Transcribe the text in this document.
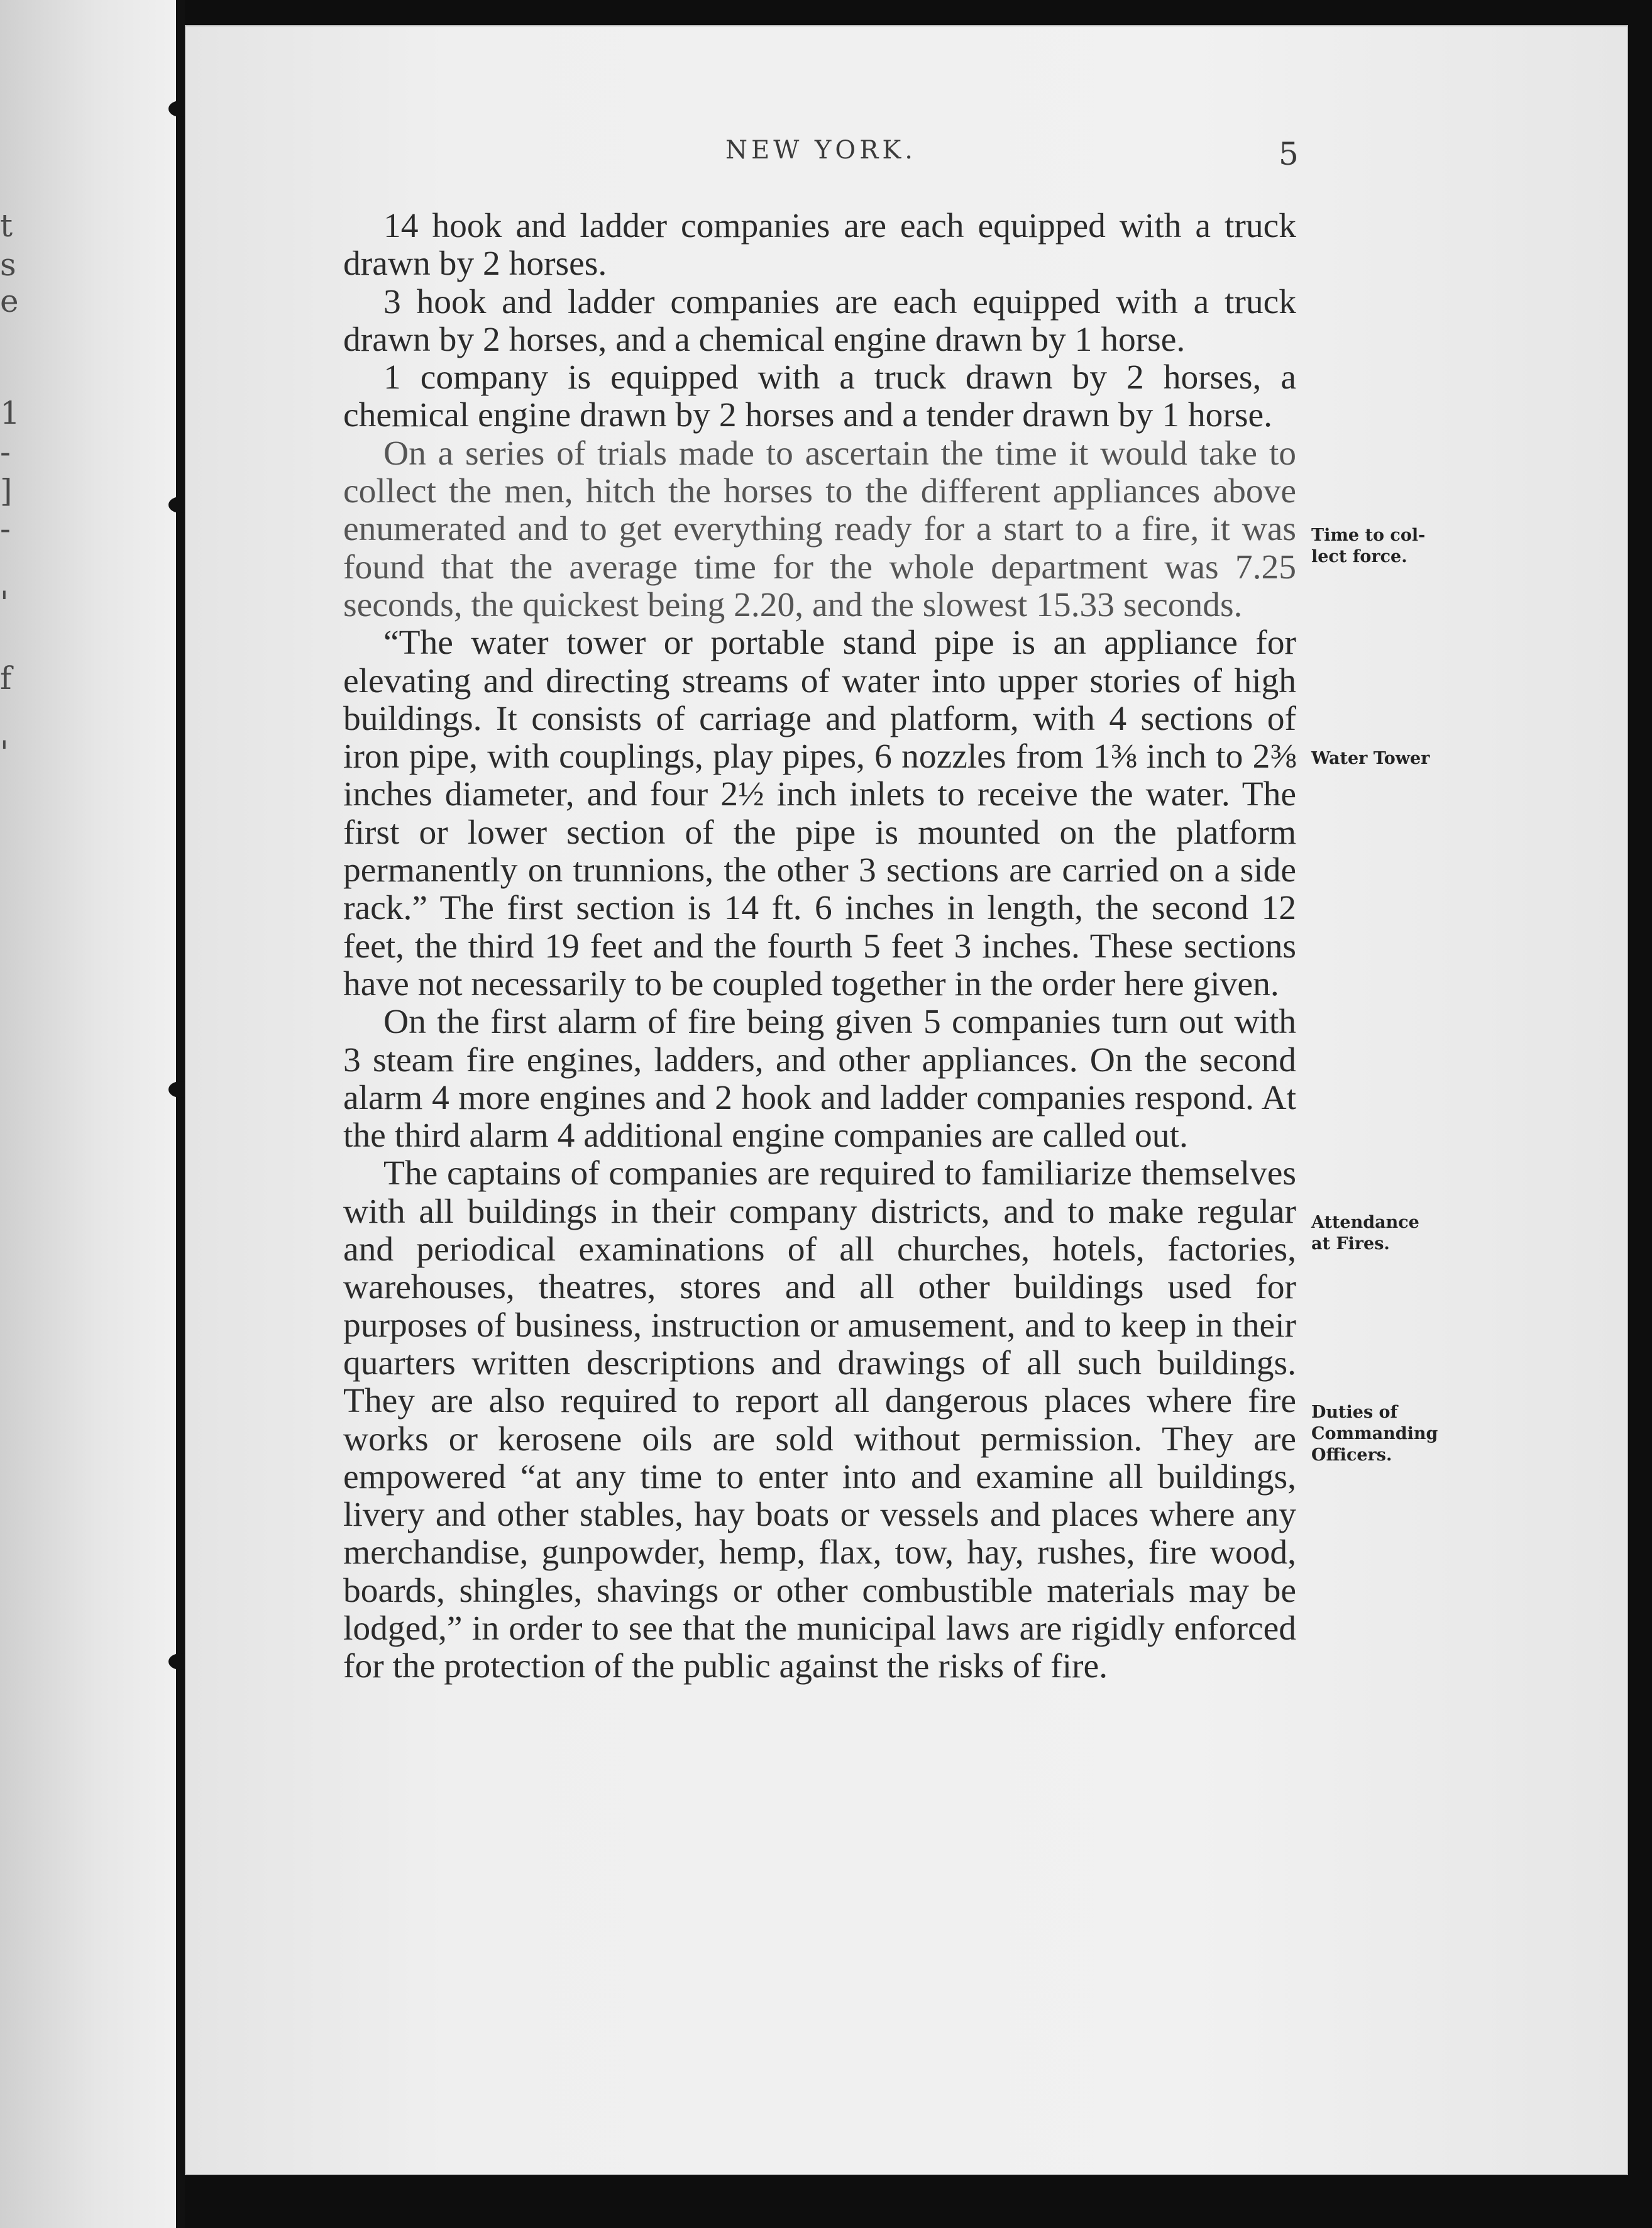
t
s
e
1
-
]
-
'
f
'
NEW YORK.	5

14 hook and ladder companies are each equipped with a truck drawn by 2 horses.

3 hook and ladder companies are each equipped with a truck drawn by 2 horses, and a chemical engine drawn by 1 horse.

1 company is equipped with a truck drawn by 2 horses, a chemical engine drawn by 2 horses and a tender drawn by 1 horse.

On a series of trials made to ascertain the time it would take to collect the men, hitch the horses to the different appliances above enumerated and to get everything ready for a start to a fire, it was found that the average time for the whole department was 7.25 seconds, the quickest being 2.20, and the slowest 15.33 seconds.

“The water tower or portable stand pipe is an appliance for elevating and directing streams of water into upper stories of high buildings. It consists of carriage and platform, with 4 sections of iron pipe, with couplings, play pipes, 6 nozzles from 1⅜ inch to 2⅜ inches diameter, and four 2½ inch inlets to receive the water. The first or lower section of the pipe is mounted on the platform permanently on trunnions, the other 3 sections are carried on a side rack.” The first section is 14 ft. 6 inches in length, the second 12 feet, the third 19 feet and the fourth 5 feet 3 inches. These sections have not necessarily to be coupled together in the order here given.

On the first alarm of fire being given 5 companies turn out with 3 steam fire engines, ladders, and other appliances. On the second alarm 4 more engines and 2 hook and ladder companies respond. At the third alarm 4 additional engine companies are called out.

The captains of companies are required to familiarize themselves with all buildings in their company districts, and to make regular and periodical examinations of all churches, hotels, factories, warehouses, theatres, stores and all other buildings used for purposes of business, instruction or amusement, and to keep in their quarters written descriptions and drawings of all such buildings. They are also required to report all dangerous places where fire works or kerosene oils are sold without permission. They are empowered “at any time to enter into and examine all buildings, livery and other stables, hay boats or vessels and places where any merchandise, gunpowder, hemp, flax, tow, hay, rushes, fire wood, boards, shingles, shavings or other combustible materials may be lodged,” in order to see that the municipal laws are rigidly enforced for the protection of the public against the risks of fire.

Time to col-
lect force.
Water Tower
Attendance
at Fires.
Duties of
Commanding
Officers.
